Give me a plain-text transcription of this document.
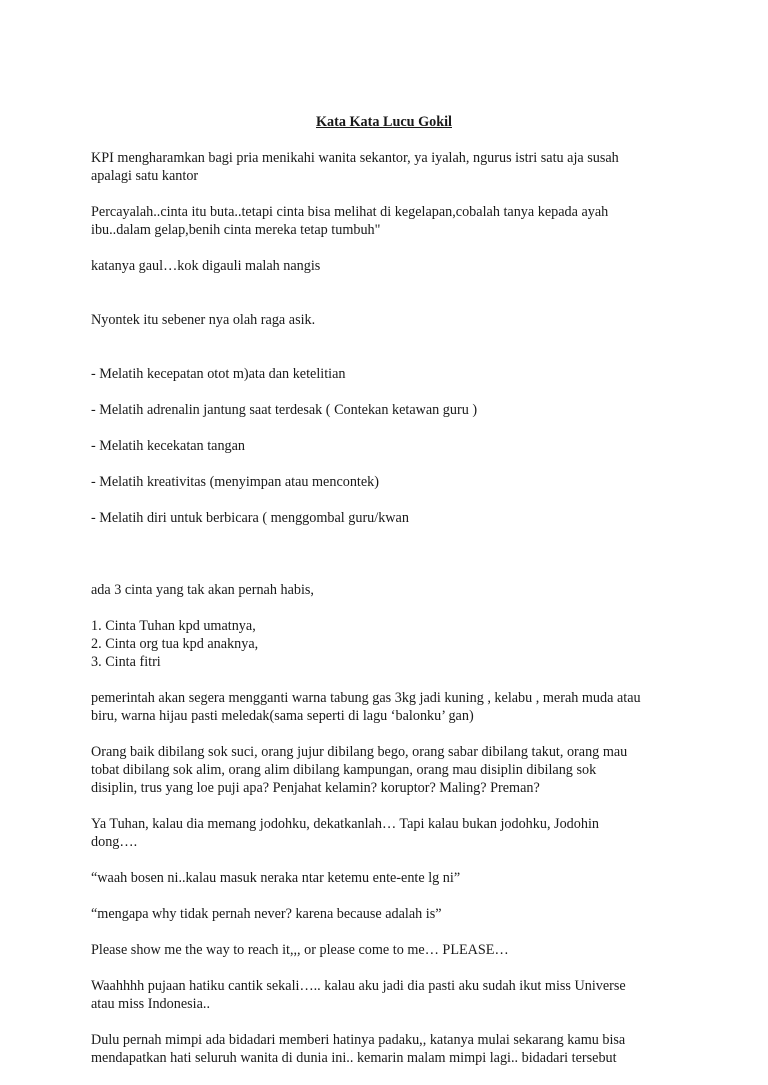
Kata Kata Lucu Gokil

KPI mengharamkan bagi pria menikahi wanita sekantor, ya iyalah, ngurus istri satu aja susah
apalagi satu kantor

Percayalah..cinta itu buta..tetapi cinta bisa melihat di kegelapan,cobalah tanya kepada ayah
ibu..dalam gelap,benih cinta mereka tetap tumbuh"

katanya gaul…kok digauli malah nangis

Nyontek itu sebener nya olah raga asik.

- Melatih kecepatan otot m)ata dan ketelitian

- Melatih adrenalin jantung saat terdesak ( Contekan ketawan guru )

- Melatih kecekatan tangan

- Melatih kreativitas (menyimpan atau mencontek)

- Melatih diri untuk berbicara ( menggombal guru/kwan

ada 3 cinta yang tak akan pernah habis,

1. Cinta Tuhan kpd umatnya,
2. Cinta org tua kpd anaknya,
3. Cinta fitri

pemerintah akan segera mengganti warna tabung gas 3kg jadi kuning , kelabu , merah muda atau
biru, warna hijau pasti meledak(sama seperti di lagu ‘balonku’ gan)

Orang baik dibilang sok suci, orang jujur dibilang bego, orang sabar dibilang takut, orang mau
tobat dibilang sok alim, orang alim dibilang kampungan, orang mau disiplin dibilang sok
disiplin, trus yang loe puji apa? Penjahat kelamin? koruptor? Maling? Preman?

Ya Tuhan, kalau dia memang jodohku, dekatkanlah… Tapi kalau bukan jodohku, Jodohin
dong….

“waah bosen ni..kalau masuk neraka ntar ketemu ente-ente lg ni”

“mengapa why tidak pernah never? karena because adalah is”

Please show me the way to reach it,,, or please come to me… PLEASE…

Waahhhh pujaan hatiku cantik sekali….. kalau aku jadi dia pasti aku sudah ikut miss Universe
atau miss Indonesia..

Dulu pernah mimpi ada bidadari memberi hatinya padaku,, katanya mulai sekarang kamu bisa
mendapatkan hati seluruh wanita di dunia ini.. kemarin malam mimpi lagi.. bidadari tersebut
